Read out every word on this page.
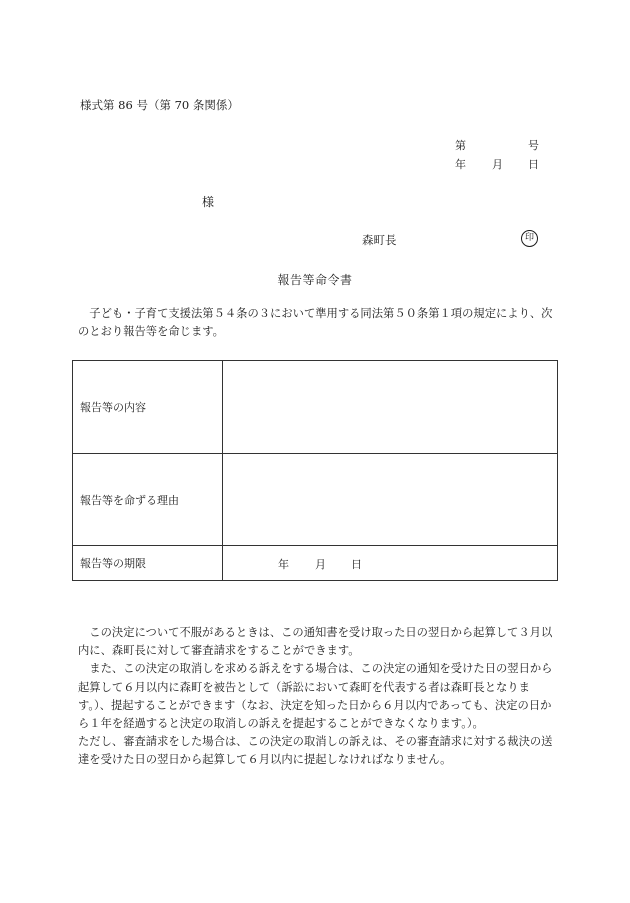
様式第 86 号（第 70 条関係）
第	号
年 月 日
様
森町長	印
報告等命令書
子ども・子育て支援法第５４条の３において準用する同法第５０条第１項の規定により、次のとおり報告等を命じます。
報告等の内容	
報告等を命ずる理由	
報告等の期限	年 月 日

この決定について不服があるときは、この通知書を受け取った日の翌日から起算して３月以内に、森町長に対して審査請求をすることができます。

また、この決定の取消しを求める訴えをする場合は、この決定の通知を受けた日の翌日から起算して６月以内に森町を被告として（訴訟において森町を代表する者は森町長となります。）、提起することができます（なお、決定を知った日から６月以内であっても、決定の日から１年を経過すると決定の取消しの訴えを提起することができなくなります。）。

ただし、審査請求をした場合は、この決定の取消しの訴えは、その審査請求に対する裁決の送達を受けた日の翌日から起算して６月以内に提起しなければなりません。
